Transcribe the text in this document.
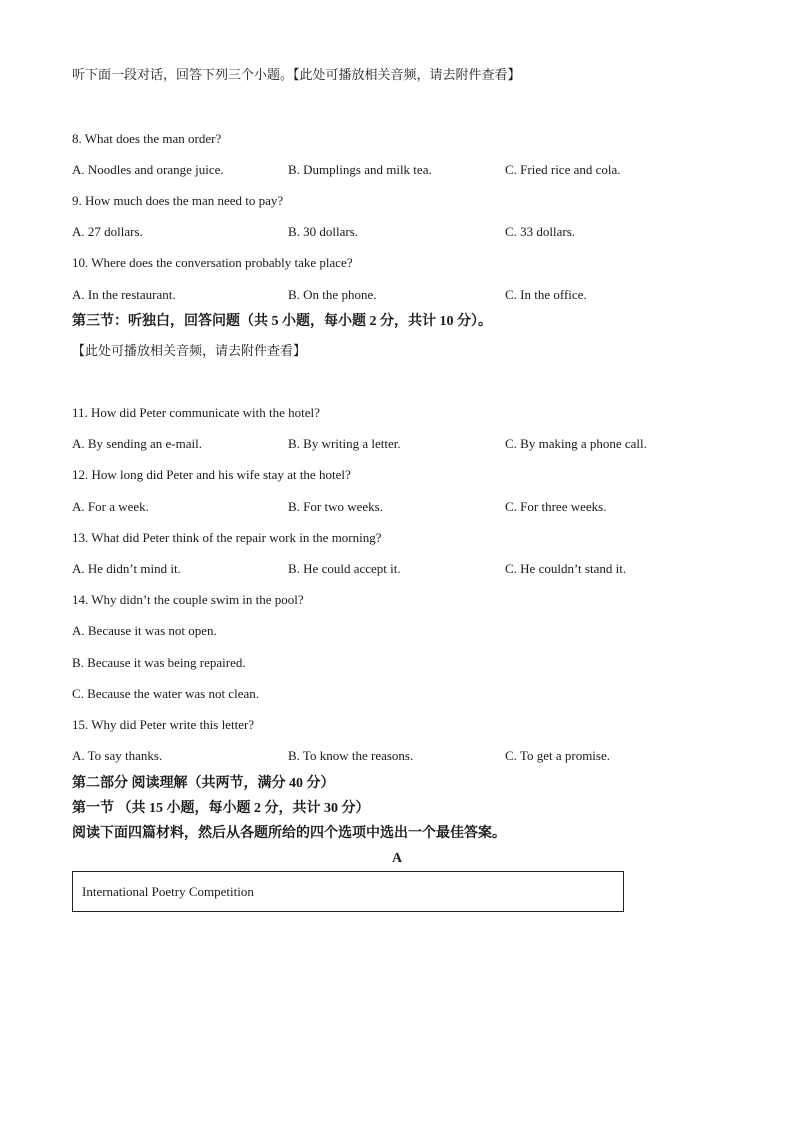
听下面一段对话，回答下列三个小题。【此处可播放相关音频，请去附件查看】
8. What does the man order?
A. Noodles and orange juice.	B. Dumplings and milk tea.	C. Fried rice and cola.
9. How much does the man need to pay?
A. 27 dollars.	B. 30 dollars.	C. 33 dollars.
10. Where does the conversation probably take place?
A. In the restaurant.	B. On the phone.	C. In the office.
第三节：听独白，回答问题（共 5 小题，每小题 2 分，共计 10 分）。
【此处可播放相关音频，请去附件查看】
11. How did Peter communicate with the hotel?
A. By sending an e-mail.	B. By writing a letter.	C. By making a phone call.
12. How long did Peter and his wife stay at the hotel?
A. For a week.	B. For two weeks.	C. For three weeks.
13. What did Peter think of the repair work in the morning?
A. He didn’t mind it.	B. He could accept it.	C. He couldn’t stand it.
14. Why didn’t the couple swim in the pool?
A. Because it was not open.
B. Because it was being repaired.
C. Because the water was not clean.
15. Why did Peter write this letter?
A. To say thanks.	B. To know the reasons.	C. To get a promise.
第二部分 阅读理解（共两节，满分 40 分）
第一节 （共 15 小题，每小题 2 分，共计 30 分）
阅读下面四篇材料，然后从各题所给的四个选项中选出一个最佳答案。
A
International Poetry Competition
